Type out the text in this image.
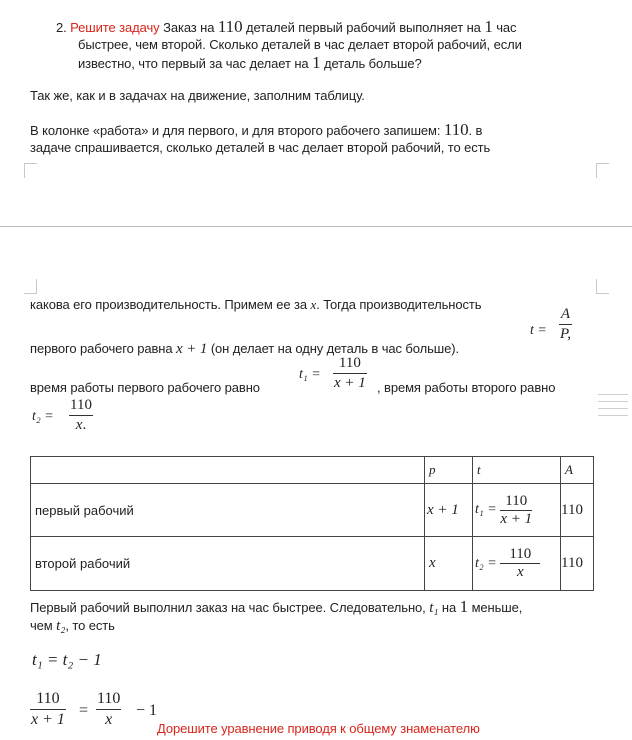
2. Решите задачу Заказ на 110 деталей первый рабочий выполняет на 1 час
быстрее, чем второй. Сколько деталей в час делает второй рабочий, если
известно, что первый за час делает на 1 деталь больше?
Так же, как и в задачах на движение, заполним таблицу.
В колонке «работа» и для первого, и для второго рабочего запишем: 110. в
задаче спрашивается, сколько деталей в час делает второй рабочий, то есть
какова его производительность. Примем ее за x. Тогда производительность
t =
A
P,
первого рабочего равна x + 1 (он делает на одну деталь в час больше).
t₁ =
110
x + 1
время работы первого рабочего равно	, время работы второго равно
t₂ =
110
x.
	p	t	A
первый рабочий	x + 1	$t_1 = \frac{110}{x + 1}$	110
второй рабочий	x	$t_2 = \frac{110}{x}$	110
Первый рабочий выполнил заказ на час быстрее. Следовательно, t₁ на 1 меньше,
чем t₂, то есть
t₁ = t₂ − 1
110
x + 1
=
110
x
− 1
Дорешите уравнение приводя к общему знаменателю
